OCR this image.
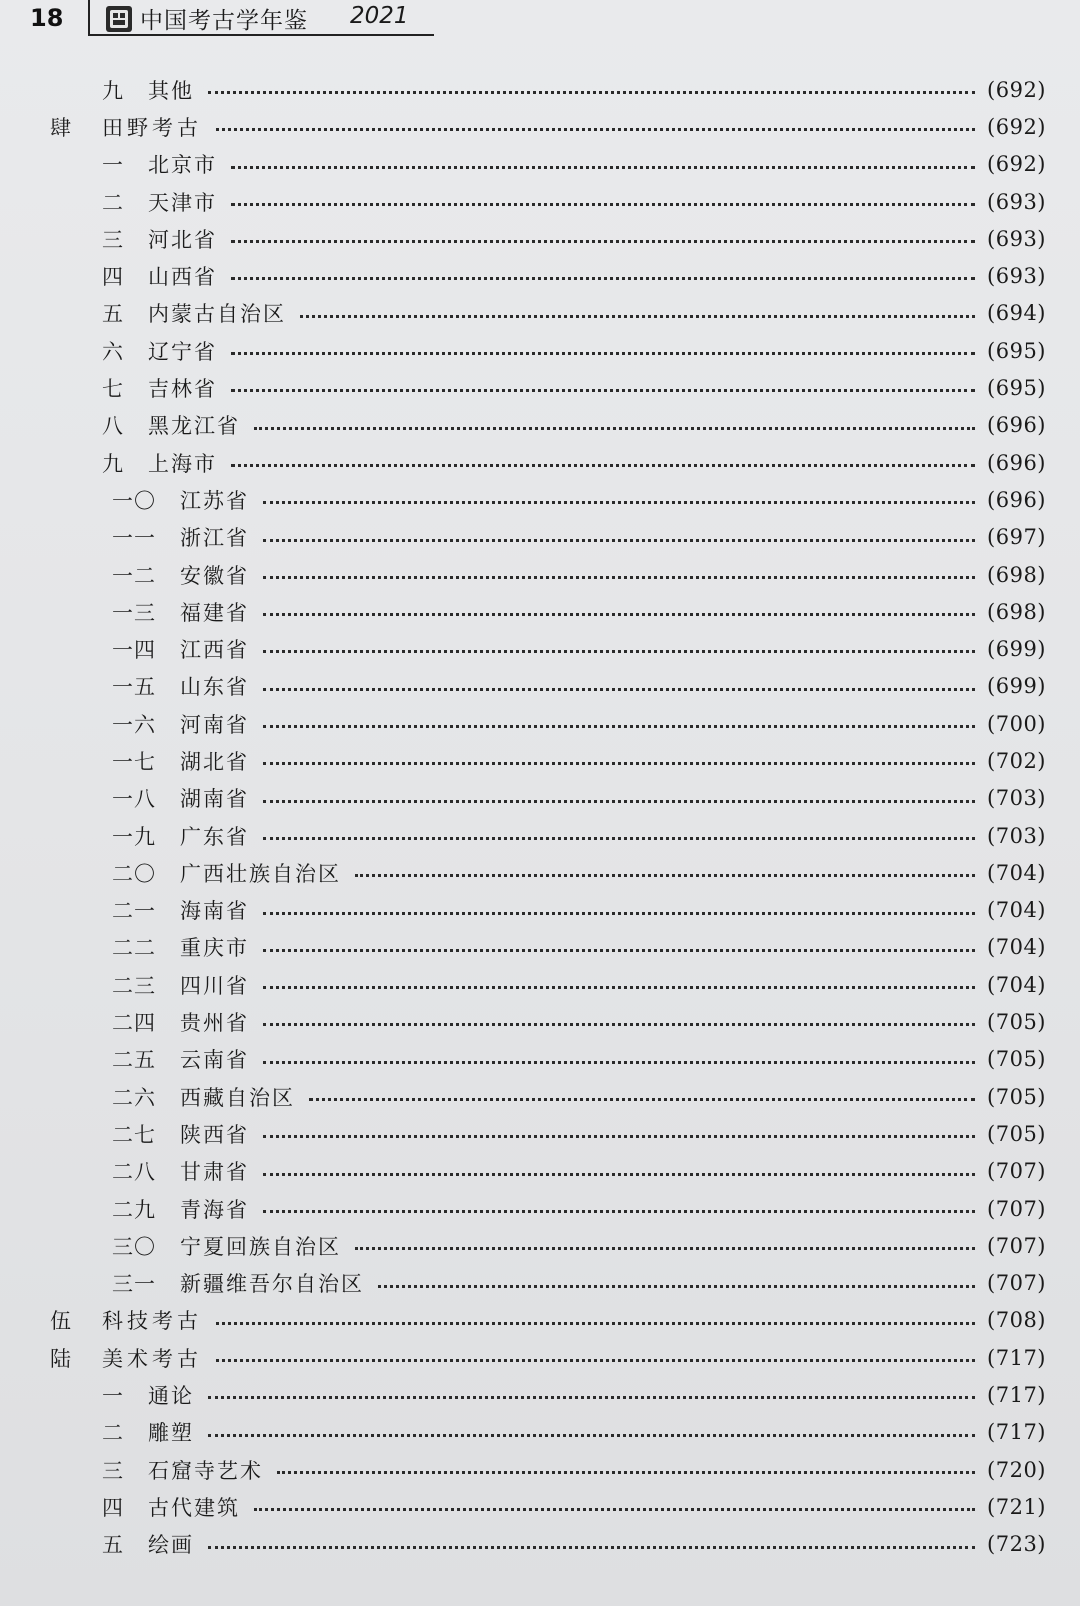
18	中国考古学年鉴 2021
九 其他	(692)
肆 田野考古	(692)
一 北京市	(692)
二 天津市	(693)
三 河北省	(693)
四 山西省	(693)
五 内蒙古自治区	(694)
六 辽宁省	(695)
七 吉林省	(695)
八 黑龙江省	(696)
九 上海市	(696)
一〇 江苏省	(696)
一一 浙江省	(697)
一二 安徽省	(698)
一三 福建省	(698)
一四 江西省	(699)
一五 山东省	(699)
一六 河南省	(700)
一七 湖北省	(702)
一八 湖南省	(703)
一九 广东省	(703)
二〇 广西壮族自治区	(704)
二一 海南省	(704)
二二 重庆市	(704)
二三 四川省	(704)
二四 贵州省	(705)
二五 云南省	(705)
二六 西藏自治区	(705)
二七 陕西省	(705)
二八 甘肃省	(707)
二九 青海省	(707)
三〇 宁夏回族自治区	(707)
三一 新疆维吾尔自治区	(707)
伍 科技考古	(708)
陆 美术考古	(717)
一 通论	(717)
二 雕塑	(717)
三 石窟寺艺术	(720)
四 古代建筑	(721)
五 绘画	(723)
